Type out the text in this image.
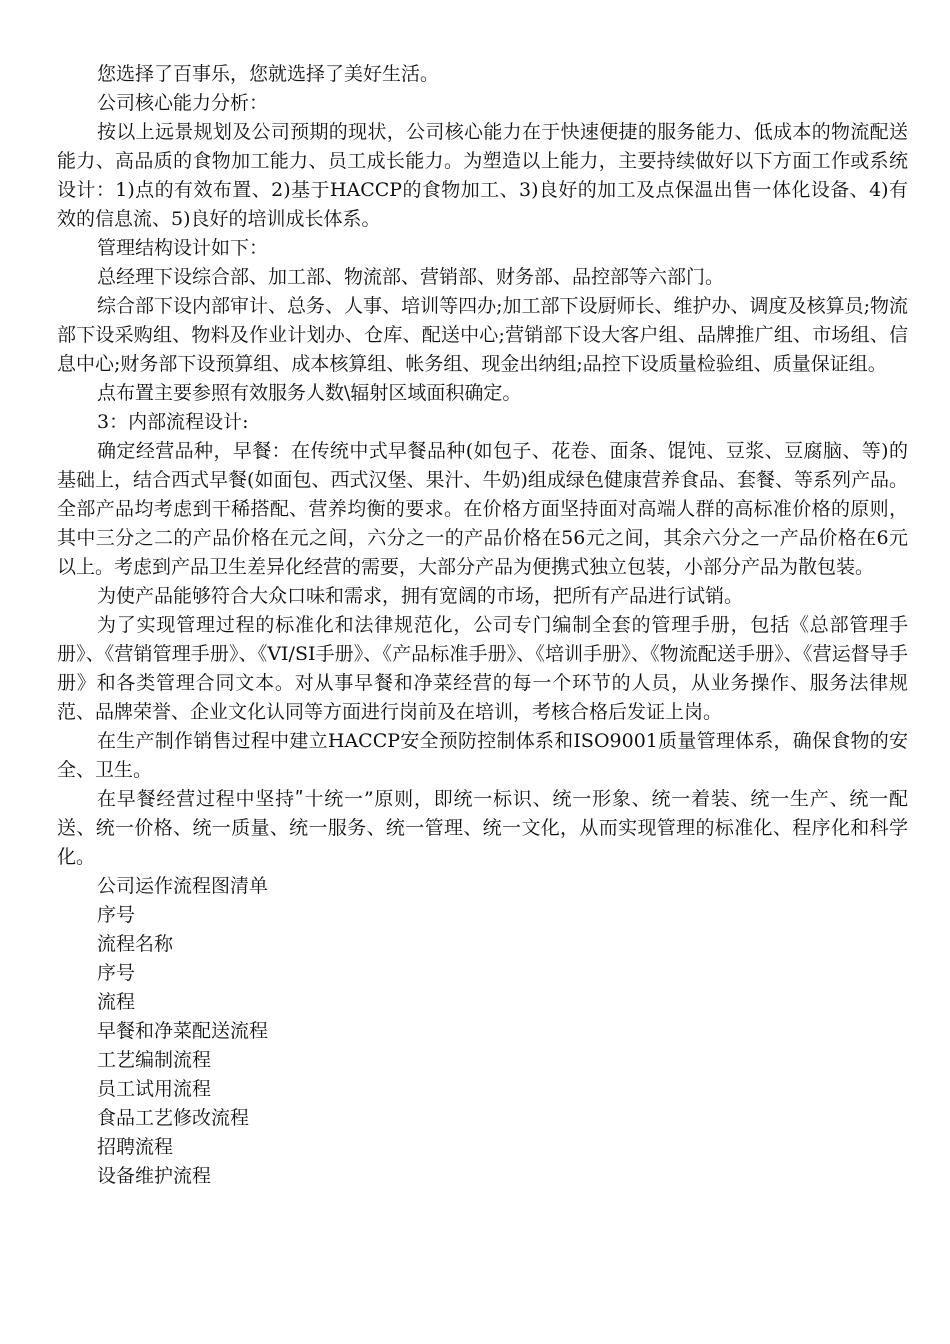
您选择了百事乐，您就选择了美好生活。

公司核心能力分析：

按以上远景规划及公司预期的现状，公司核心能力在于快速便捷的服务能力、低成本的物流配送能力、高品质的食物加工能力、员工成长能力。为塑造以上能力，主要持续做好以下方面工作或系统设计：1)点的有效布置、2)基于HACCP的食物加工、3)良好的加工及点保温出售一体化设备、4)有效的信息流、5)良好的培训成长体系。

管理结构设计如下：

总经理下设综合部、加工部、物流部、营销部、财务部、品控部等六部门。

综合部下设内部审计、总务、人事、培训等四办;加工部下设厨师长、维护办、调度及核算员;物流部下设采购组、物料及作业计划办、仓库、配送中心;营销部下设大客户组、品牌推广组、市场组、信息中心;财务部下设预算组、成本核算组、帐务组、现金出纳组;品控下设质量检验组、质量保证组。

点布置主要参照有效服务人数\辐射区域面积确定。

3：内部流程设计:

确定经营品种，早餐：在传统中式早餐品种(如包子、花卷、面条、馄饨、豆浆、豆腐脑、等)的基础上，结合西式早餐(如面包、西式汉堡、果汁、牛奶)组成绿色健康营养食品、套餐、等系列产品。全部产品均考虑到干稀搭配、营养均衡的要求。在价格方面坚持面对高端人群的高标准价格的原则，其中三分之二的产品价格在元之间，六分之一的产品价格在56元之间，其余六分之一产品价格在6元以上。考虑到产品卫生差异化经营的需要，大部分产品为便携式独立包装，小部分产品为散包装。

为使产品能够符合大众口味和需求，拥有宽阔的市场，把所有产品进行试销。

为了实现管理过程的标准化和法律规范化，公司专门编制全套的管理手册，包括《总部管理手册》、《营销管理手册》、《VI/SI手册》、《产品标准手册》、《培训手册》、《物流配送手册》、《营运督导手册》和各类管理合同文本。对从事早餐和净菜经营的每一个环节的人员，从业务操作、服务法律规范、品牌荣誉、企业文化认同等方面进行岗前及在培训，考核合格后发证上岗。

在生产制作销售过程中建立HACCP安全预防控制体系和ISO9001质量管理体系，确保食物的安全、卫生。

在早餐经营过程中坚持ʺ十统一”原则，即统一标识、统一形象、统一着装、统一生产、统一配送、统一价格、统一质量、统一服务、统一管理、统一文化，从而实现管理的标准化、程序化和科学化。

公司运作流程图清单

序号

流程名称

序号

流程

早餐和净菜配送流程

工艺编制流程

员工试用流程

食品工艺修改流程

招聘流程

设备维护流程
